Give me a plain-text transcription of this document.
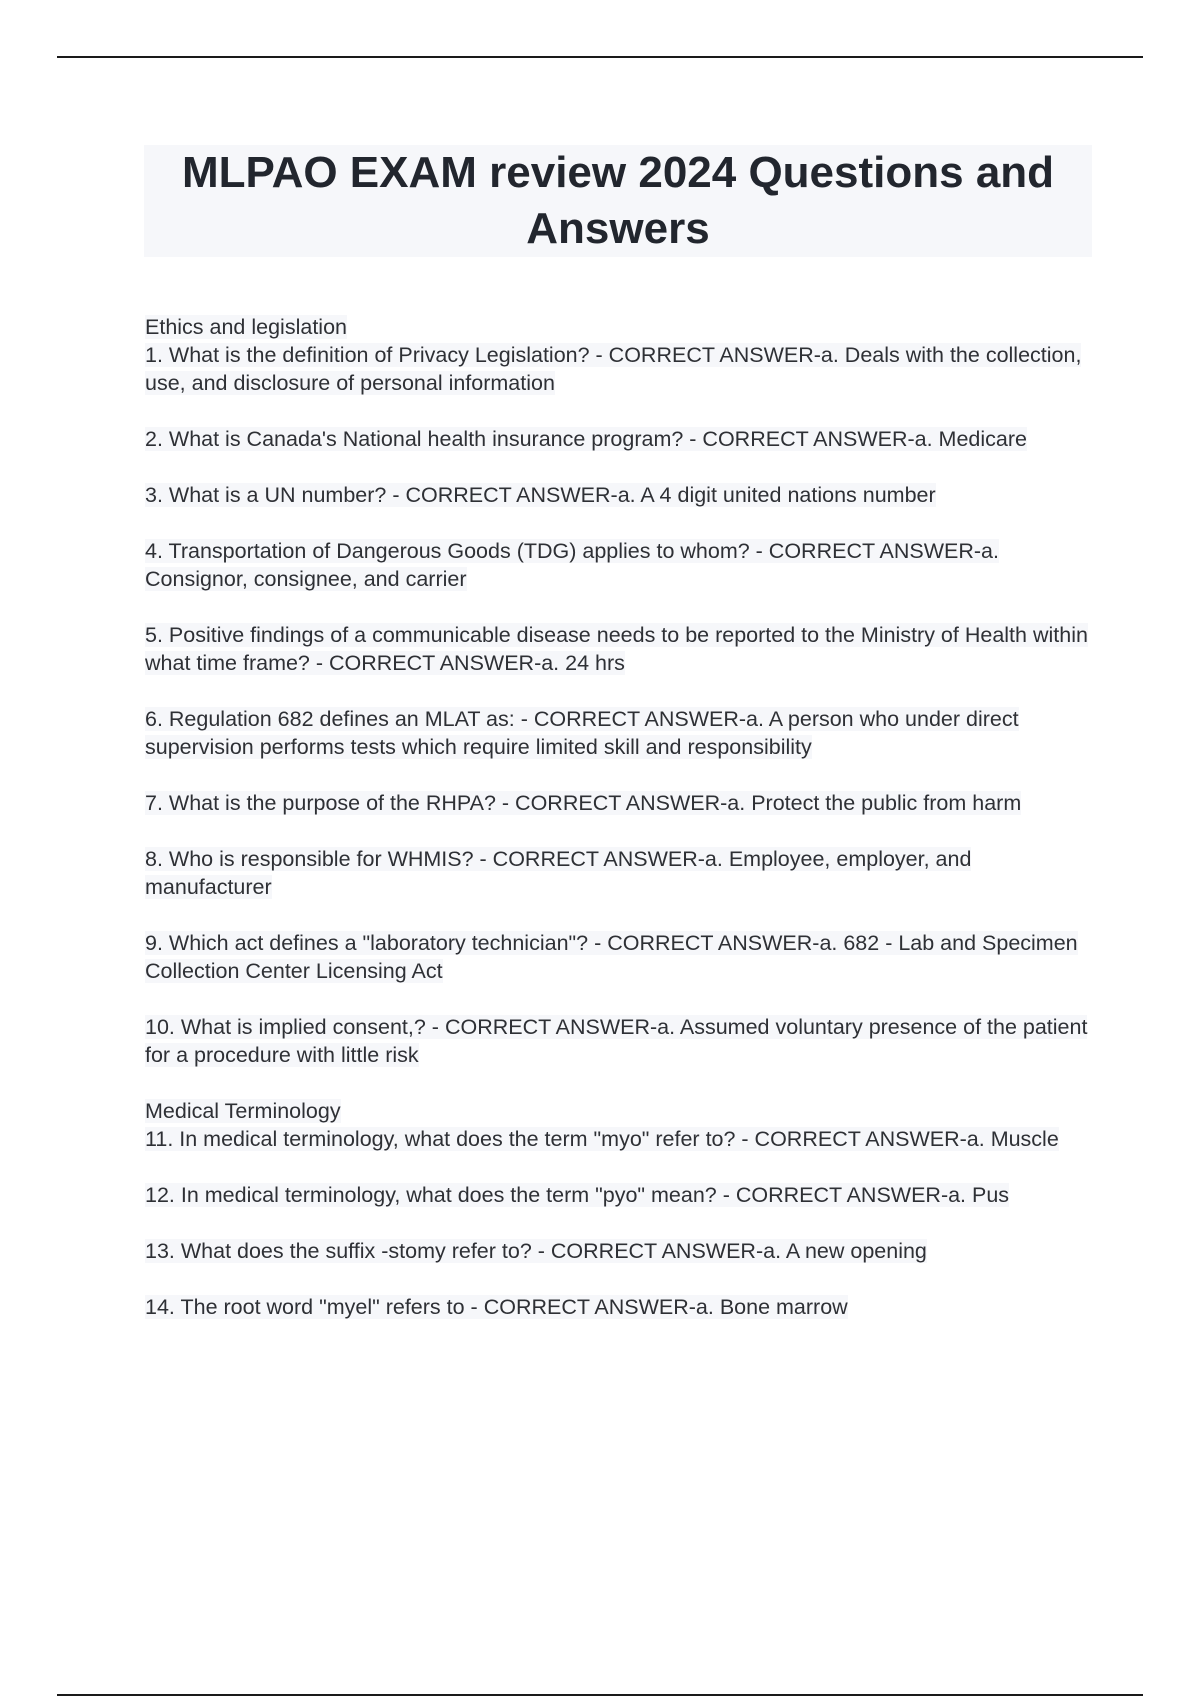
MLPAO EXAM review 2024 Questions and Answers

Ethics and legislation

1. What is the definition of Privacy Legislation? - CORRECT ANSWER-a. Deals with the collection, use, and disclosure of personal information

2. What is Canada's National health insurance program? - CORRECT ANSWER-a. Medicare

3. What is a UN number? - CORRECT ANSWER-a. A 4 digit united nations number

4. Transportation of Dangerous Goods (TDG) applies to whom? - CORRECT ANSWER-a. Consignor, consignee, and carrier

5. Positive findings of a communicable disease needs to be reported to the Ministry of Health within what time frame? - CORRECT ANSWER-a. 24 hrs

6. Regulation 682 defines an MLAT as: - CORRECT ANSWER-a. A person who under direct supervision performs tests which require limited skill and responsibility

7. What is the purpose of the RHPA? - CORRECT ANSWER-a. Protect the public from harm

8. Who is responsible for WHMIS? - CORRECT ANSWER-a. Employee, employer, and manufacturer

9. Which act defines a "laboratory technician"? - CORRECT ANSWER-a. 682 - Lab and Specimen Collection Center Licensing Act

10. What is implied consent,? - CORRECT ANSWER-a. Assumed voluntary presence of the patient for a procedure with little risk

Medical Terminology

11. In medical terminology, what does the term "myo" refer to? - CORRECT ANSWER-a. Muscle

12. In medical terminology, what does the term "pyo" mean? - CORRECT ANSWER-a. Pus

13. What does the suffix -stomy refer to? - CORRECT ANSWER-a. A new opening

14. The root word "myel" refers to - CORRECT ANSWER-a. Bone marrow
